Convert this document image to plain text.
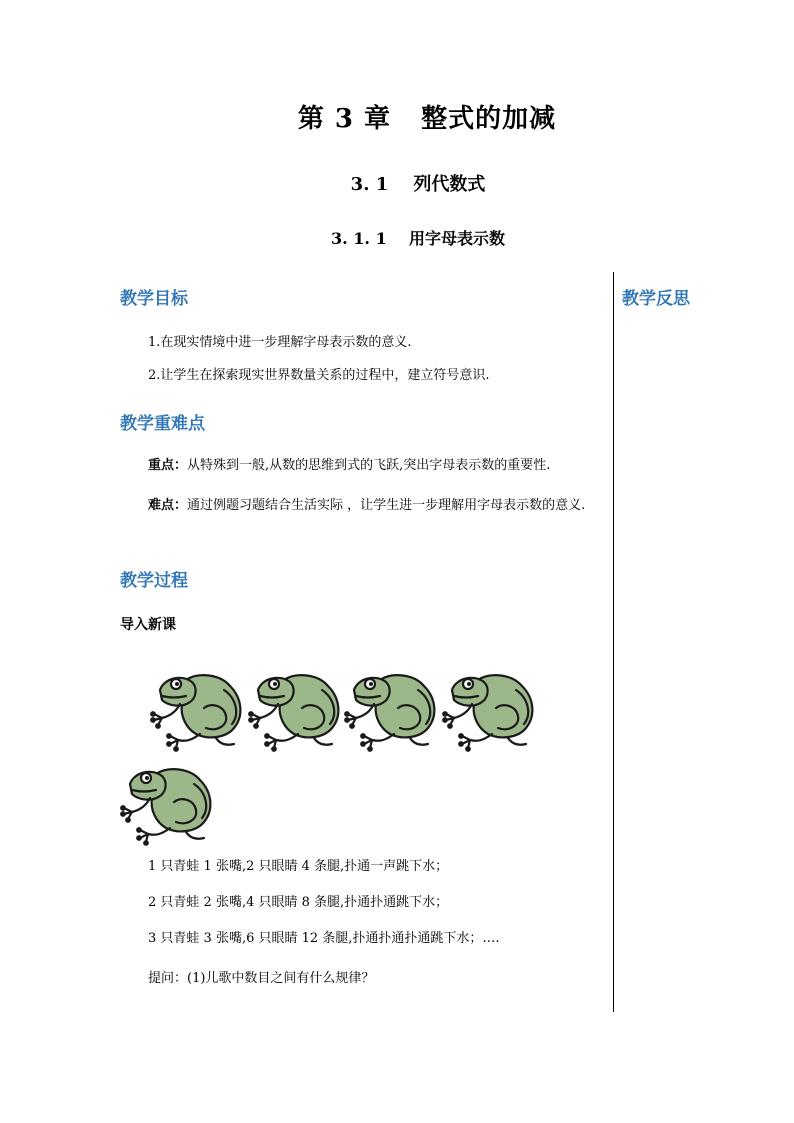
第 3 章   整式的加减
3. 1    列代数式
3. 1. 1    用字母表示数
教学反思
教学目标
1.在现实情境中进一步理解字母表示数的意义.
2.让学生在探索现实世界数量关系的过程中，建立符号意识.
教学重难点
重点：从特殊到一般,从数的思维到式的飞跃,突出字母表示数的重要性.
难点：通过例题习题结合生活实际 ，让学生进一步理解用字母表示数的意义.
教学过程
导入新课
1 只青蛙 1 张嘴,2 只眼睛 4 条腿,扑通一声跳下水；
2 只青蛙 2 张嘴,4 只眼睛 8 条腿,扑通扑通跳下水；
3 只青蛙 3 张嘴,6 只眼睛 12 条腿,扑通扑通扑通跳下水；….
提问：(1)儿歌中数目之间有什么规律？
